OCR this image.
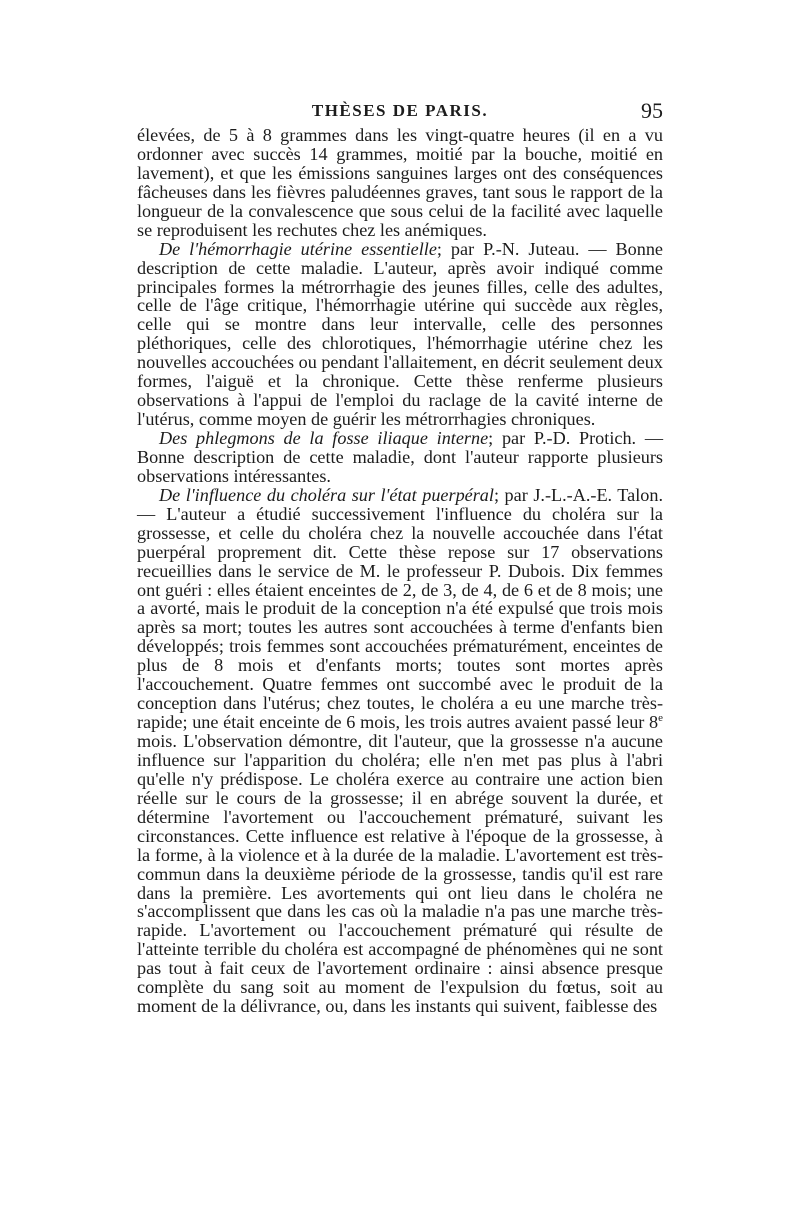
THÈSES DE PARIS.	95

élevées, de 5 à 8 grammes dans les vingt-quatre heures (il en a vu ordonner avec succès 14 grammes, moitié par la bouche, moitié en lavement), et que les émissions sanguines larges ont des conséquences fâcheuses dans les fièvres paludéennes graves, tant sous le rapport de la longueur de la convalescence que sous celui de la facilité avec laquelle se reproduisent les rechutes chez les anémiques.

De l'hémorrhagie utérine essentielle; par P.-N. Juteau. — Bonne description de cette maladie. L'auteur, après avoir indiqué comme principales formes la métrorrhagie des jeunes filles, celle des adultes, celle de l'âge critique, l'hémorrhagie utérine qui succède aux règles, celle qui se montre dans leur intervalle, celle des personnes pléthoriques, celle des chlorotiques, l'hémorrhagie utérine chez les nouvelles accouchées ou pendant l'allaitement, en décrit seulement deux formes, l'aiguë et la chronique. Cette thèse renferme plusieurs observations à l'appui de l'emploi du raclage de la cavité interne de l'utérus, comme moyen de guérir les métrorrhagies chroniques.

Des phlegmons de la fosse iliaque interne; par P.-D. Protich. — Bonne description de cette maladie, dont l'auteur rapporte plusieurs observations intéressantes.

De l'influence du choléra sur l'état puerpéral; par J.-L.-A.-E. Talon. — L'auteur a étudié successivement l'influence du choléra sur la grossesse, et celle du choléra chez la nouvelle accouchée dans l'état puerpéral proprement dit. Cette thèse repose sur 17 observations recueillies dans le service de M. le professeur P. Dubois. Dix femmes ont guéri : elles étaient enceintes de 2, de 3, de 4, de 6 et de 8 mois; une a avorté, mais le produit de la conception n'a été expulsé que trois mois après sa mort; toutes les autres sont accouchées à terme d'enfants bien développés; trois femmes sont accouchées prématurément, enceintes de plus de 8 mois et d'enfants morts; toutes sont mortes après l'accouchement. Quatre femmes ont succombé avec le produit de la conception dans l'utérus; chez toutes, le choléra a eu une marche très-rapide; une était enceinte de 6 mois, les trois autres avaient passé leur 8e mois. L'observation démontre, dit l'auteur, que la grossesse n'a aucune influence sur l'apparition du choléra; elle n'en met pas plus à l'abri qu'elle n'y prédispose. Le choléra exerce au contraire une action bien réelle sur le cours de la grossesse; il en abrége souvent la durée, et détermine l'avortement ou l'accouchement prématuré, suivant les circonstances. Cette influence est relative à l'époque de la grossesse, à la forme, à la violence et à la durée de la maladie. L'avortement est très-commun dans la deuxième période de la grossesse, tandis qu'il est rare dans la première. Les avortements qui ont lieu dans le choléra ne s'accomplissent que dans les cas où la maladie n'a pas une marche très-rapide. L'avortement ou l'accouchement prématuré qui résulte de l'atteinte terrible du choléra est accompagné de phénomènes qui ne sont pas tout à fait ceux de l'avortement ordinaire : ainsi absence presque complète du sang soit au moment de l'expulsion du fœtus, soit au moment de la délivrance, ou, dans les instants qui suivent, faiblesse des
